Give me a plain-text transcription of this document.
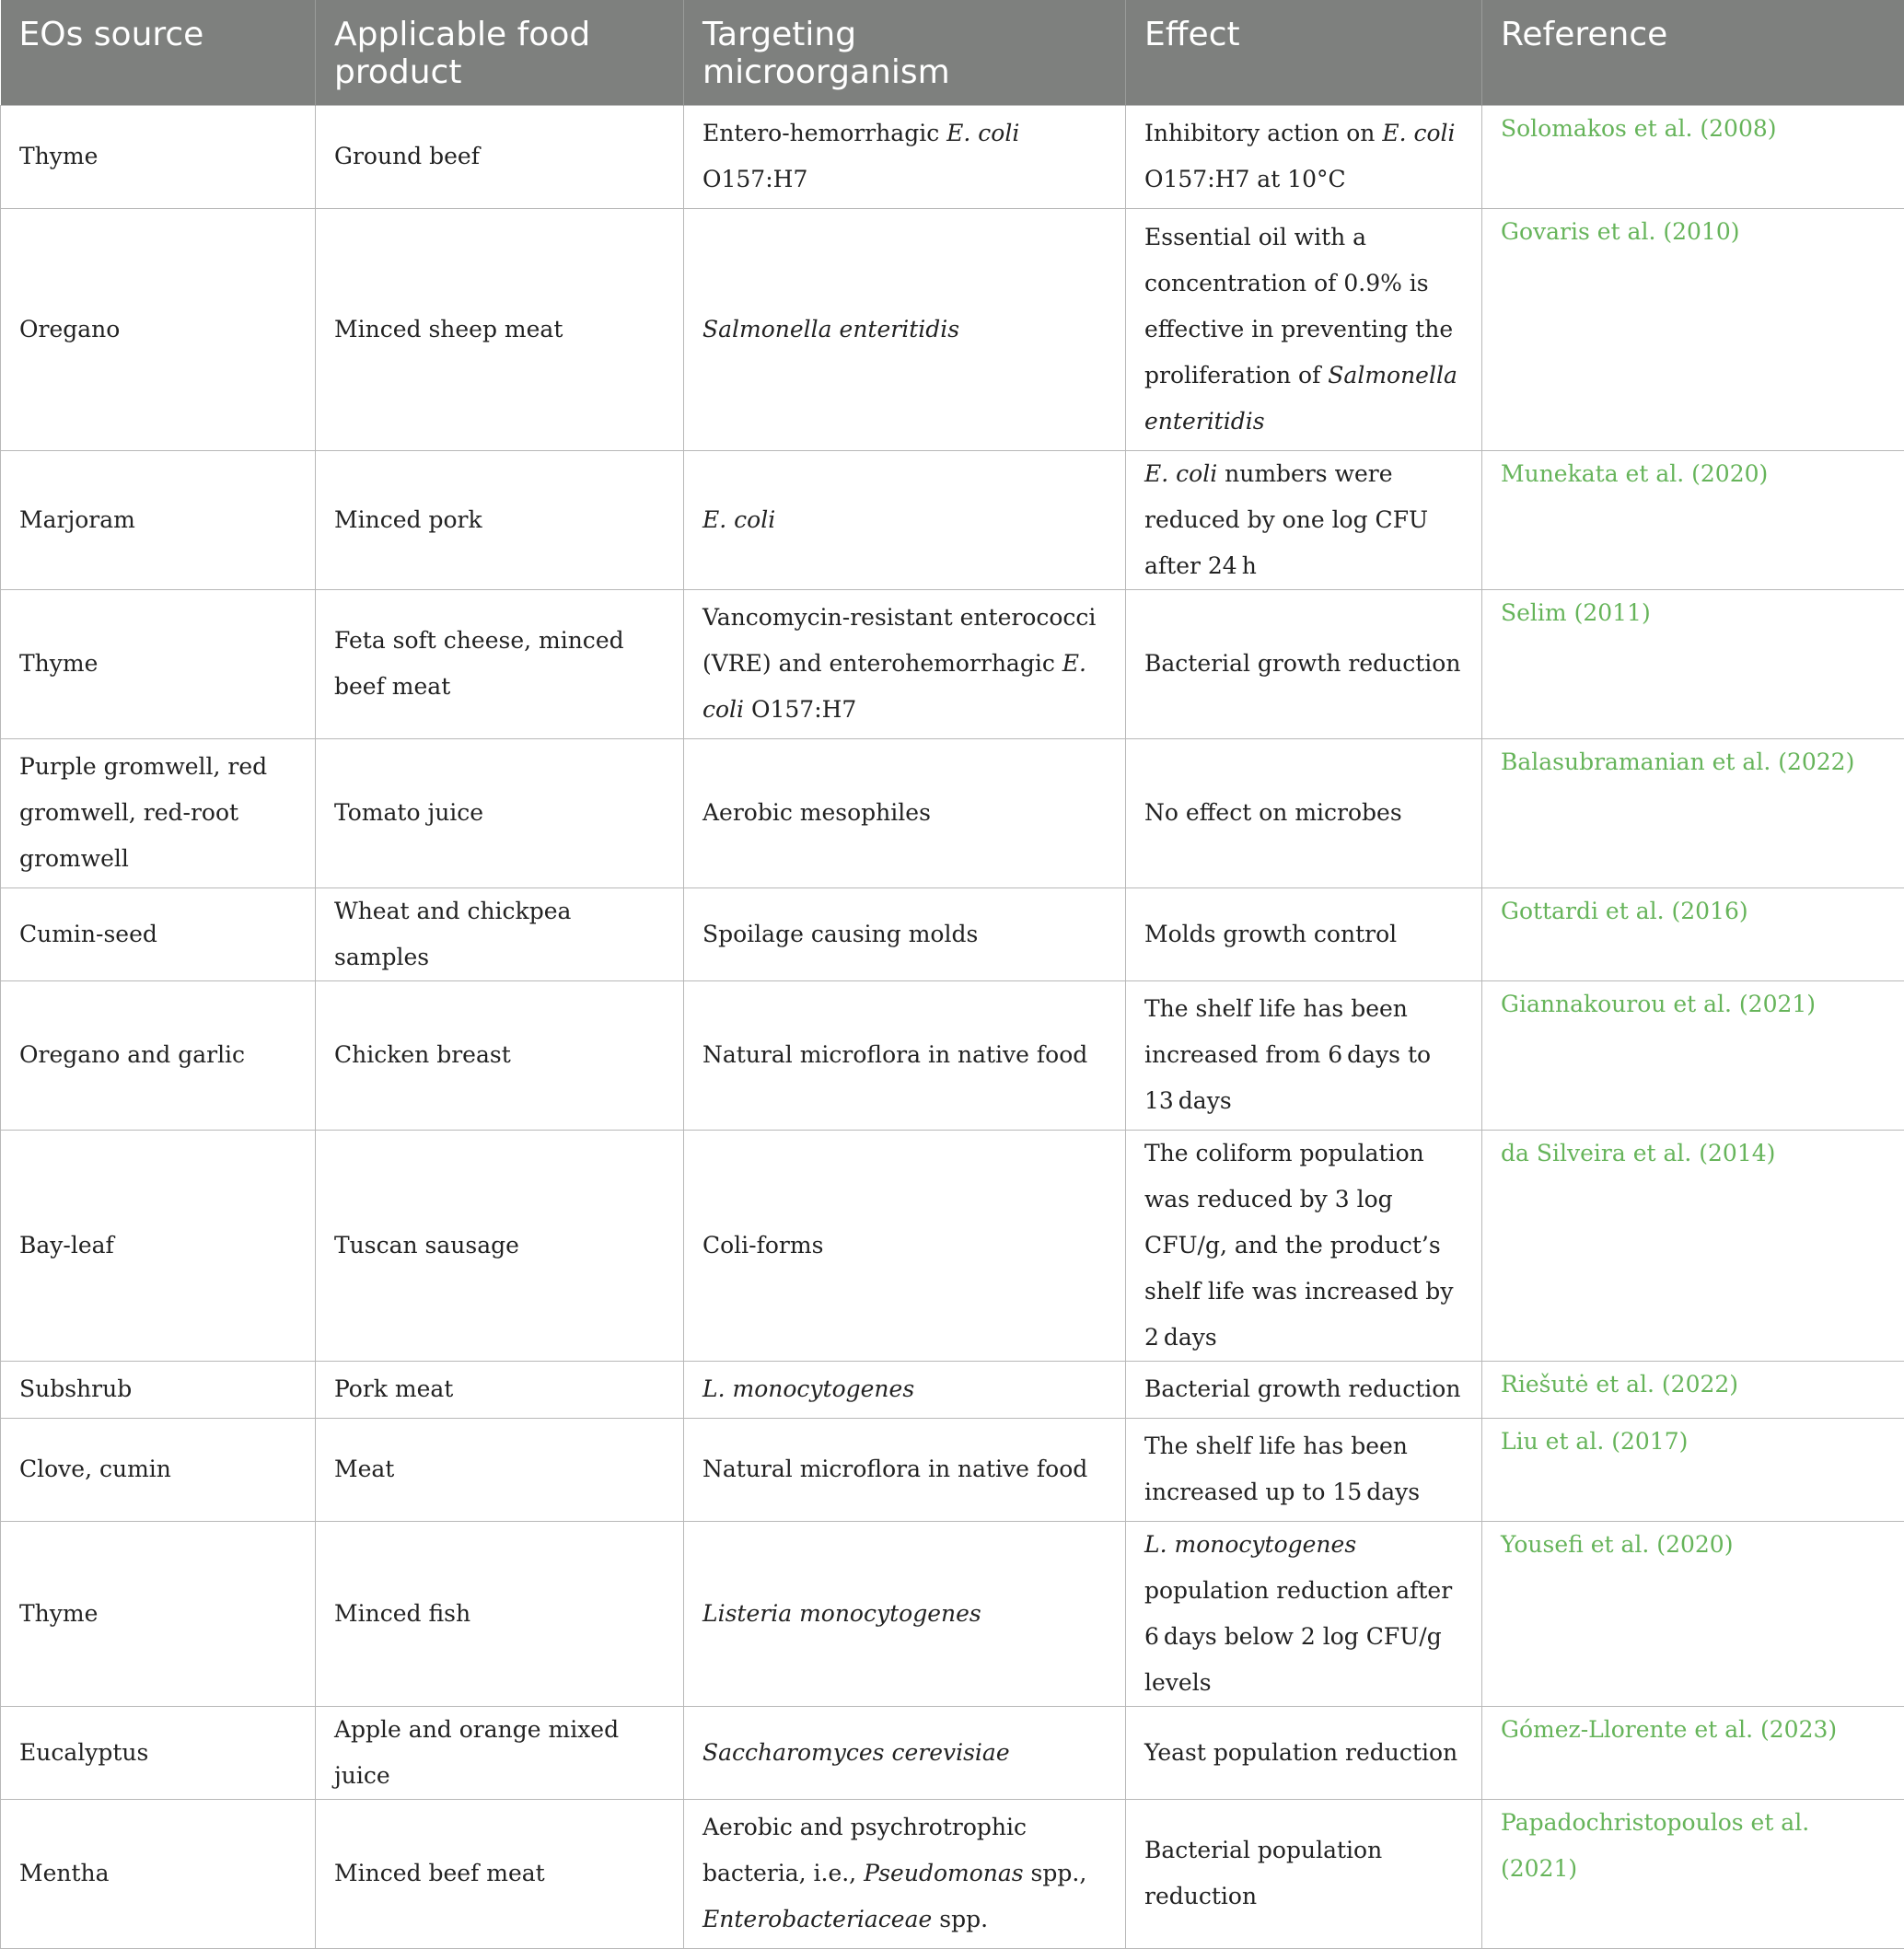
EOs source	Applicable food product	Targeting microorganism	Effect	Reference
Thyme	Ground beef	Entero-hemorrhagic E. coli O157:H7	Inhibitory action on E. coli O157:H7 at 10°C	Solomakos et al. (2008)
Oregano	Minced sheep meat	Salmonella enteritidis	Essential oil with a concentration of 0.9% is effective in preventing the proliferation of Salmonella enteritidis	Govaris et al. (2010)
Marjoram	Minced pork	E. coli	E. coli numbers were reduced by one log CFU after 24 h	Munekata et al. (2020)
Thyme	Feta soft cheese, minced beef meat	Vancomycin-resistant enterococci (VRE) and enterohemorrhagic E. coli O157:H7	Bacterial growth reduction	Selim (2011)
Purple gromwell, red gromwell, red-root gromwell	Tomato juice	Aerobic mesophiles	No effect on microbes	Balasubramanian et al. (2022)
Cumin-seed	Wheat and chickpea samples	Spoilage causing molds	Molds growth control	Gottardi et al. (2016)
Oregano and garlic	Chicken breast	Natural microflora in native food	The shelf life has been increased from 6 days to 13 days	Giannakourou et al. (2021)
Bay-leaf	Tuscan sausage	Coli-forms	The coliform population was reduced by 3 log CFU/g, and the product’s shelf life was increased by 2 days	da Silveira et al. (2014)
Subshrub	Pork meat	L. monocytogenes	Bacterial growth reduction	Riešutė et al. (2022)
Clove, cumin	Meat	Natural microflora in native food	The shelf life has been increased up to 15 days	Liu et al. (2017)
Thyme	Minced fish	Listeria monocytogenes	L. monocytogenes population reduction after 6 days below 2 log CFU/g levels	Yousefi et al. (2020)
Eucalyptus	Apple and orange mixed juice	Saccharomyces cerevisiae	Yeast population reduction	Gómez-Llorente et al. (2023)
Mentha	Minced beef meat	Aerobic and psychrotrophic bacteria, i.e., Pseudomonas spp., Enterobacteriaceae spp.	Bacterial population reduction	Papadochristopoulos et al. (2021)
